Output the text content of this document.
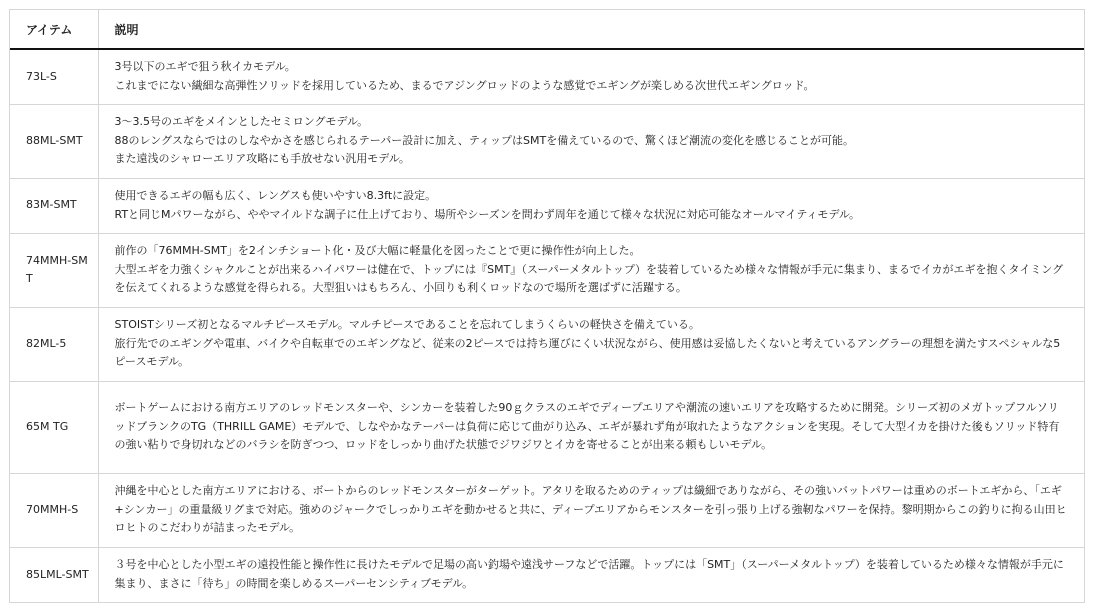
アイテム	説明
73L-S	3号以下のエギで狙う秋イカモデル。
これまでにない繊細な高弾性ソリッドを採用しているため、まるでアジングロッドのような感覚でエギングが楽しめる次世代エギングロッド。

88ML-SMT	3〜3.5号のエギをメインとしたセミロングモデル。
88のレングスならではのしなやかさを感じられるテーパー設計に加え、ティップはSMTを備えているので、驚くほど潮流の変化を感じることが可能。
また遠浅のシャローエリア攻略にも手放せない汎用モデル。

83M-SMT	使用できるエギの幅も広く、レングスも使いやすい8.3ftに設定。
RTと同じMパワーながら、ややマイルドな調子に仕上げており、場所やシーズンを問わず周年を通じて様々な状況に対応可能なオールマイティモデル。

74MMH-SMT	前作の「76MMH-SMT」を2インチショート化・及び大幅に軽量化を図ったことで更に操作性が向上した。
大型エギを力強くシャクルことが出来るハイパワーは健在で、トップには『SMT』（スーパーメタルトップ）を装着しているため様々な情報が手元に集まり、まるでイカがエギを抱くタイミングを伝えてくれるような感覚を得られる。大型狙いはもちろん、小回りも利くロッドなので場所を選ばずに活躍する。

82ML-5	STOISTシリーズ初となるマルチピースモデル。マルチピースであることを忘れてしまうくらいの軽快さを備えている。
旅行先でのエギングや電車、バイクや自転車でのエギングなど、従来の2ピースでは持ち運びにくい状況ながら、使用感は妥協したくないと考えているアングラーの理想を満たすスペシャルな5ピースモデル。

65M TG	ボートゲームにおける南方エリアのレッドモンスターや、シンカーを装着した90ｇクラスのエギでディープエリアや潮流の速いエリアを攻略するために開発。シリーズ初のメガトップフルソリッドブランクのTG（THRILL GAME）モデルで、しなやかなテーパーは負荷に応じて曲がり込み、エギが暴れず角が取れたようなアクションを実現。そして大型イカを掛けた後もソリッド特有の強い粘りで身切れなどのバラシを防ぎつつ、ロッドをしっかり曲げた状態でジワジワとイカを寄せることが出来る頼もしいモデル。

70MMH-S	沖縄を中心とした南方エリアにおける、ボートからのレッドモンスターがターゲット。アタリを取るためのティップは繊細でありながら、その強いバットパワーは重めのボートエギから、「エギ+シンカー」の重量級リグまで対応。強めのジャークでしっかりエギを動かせると共に、ディープエリアからモンスターを引っ張り上げる強靭なパワーを保持。黎明期からこの釣りに拘る山田ヒロヒトのこだわりが詰まったモデル。

85LML-SMT	３号を中心とした小型エギの遠投性能と操作性に長けたモデルで足場の高い釣場や遠浅サーフなどで活躍。トップには「SMT」（スーパーメタルトップ）を装着しているため様々な情報が手元に集まり、まさに「待ち」の時間を楽しめるスーパーセンシティブモデル。
